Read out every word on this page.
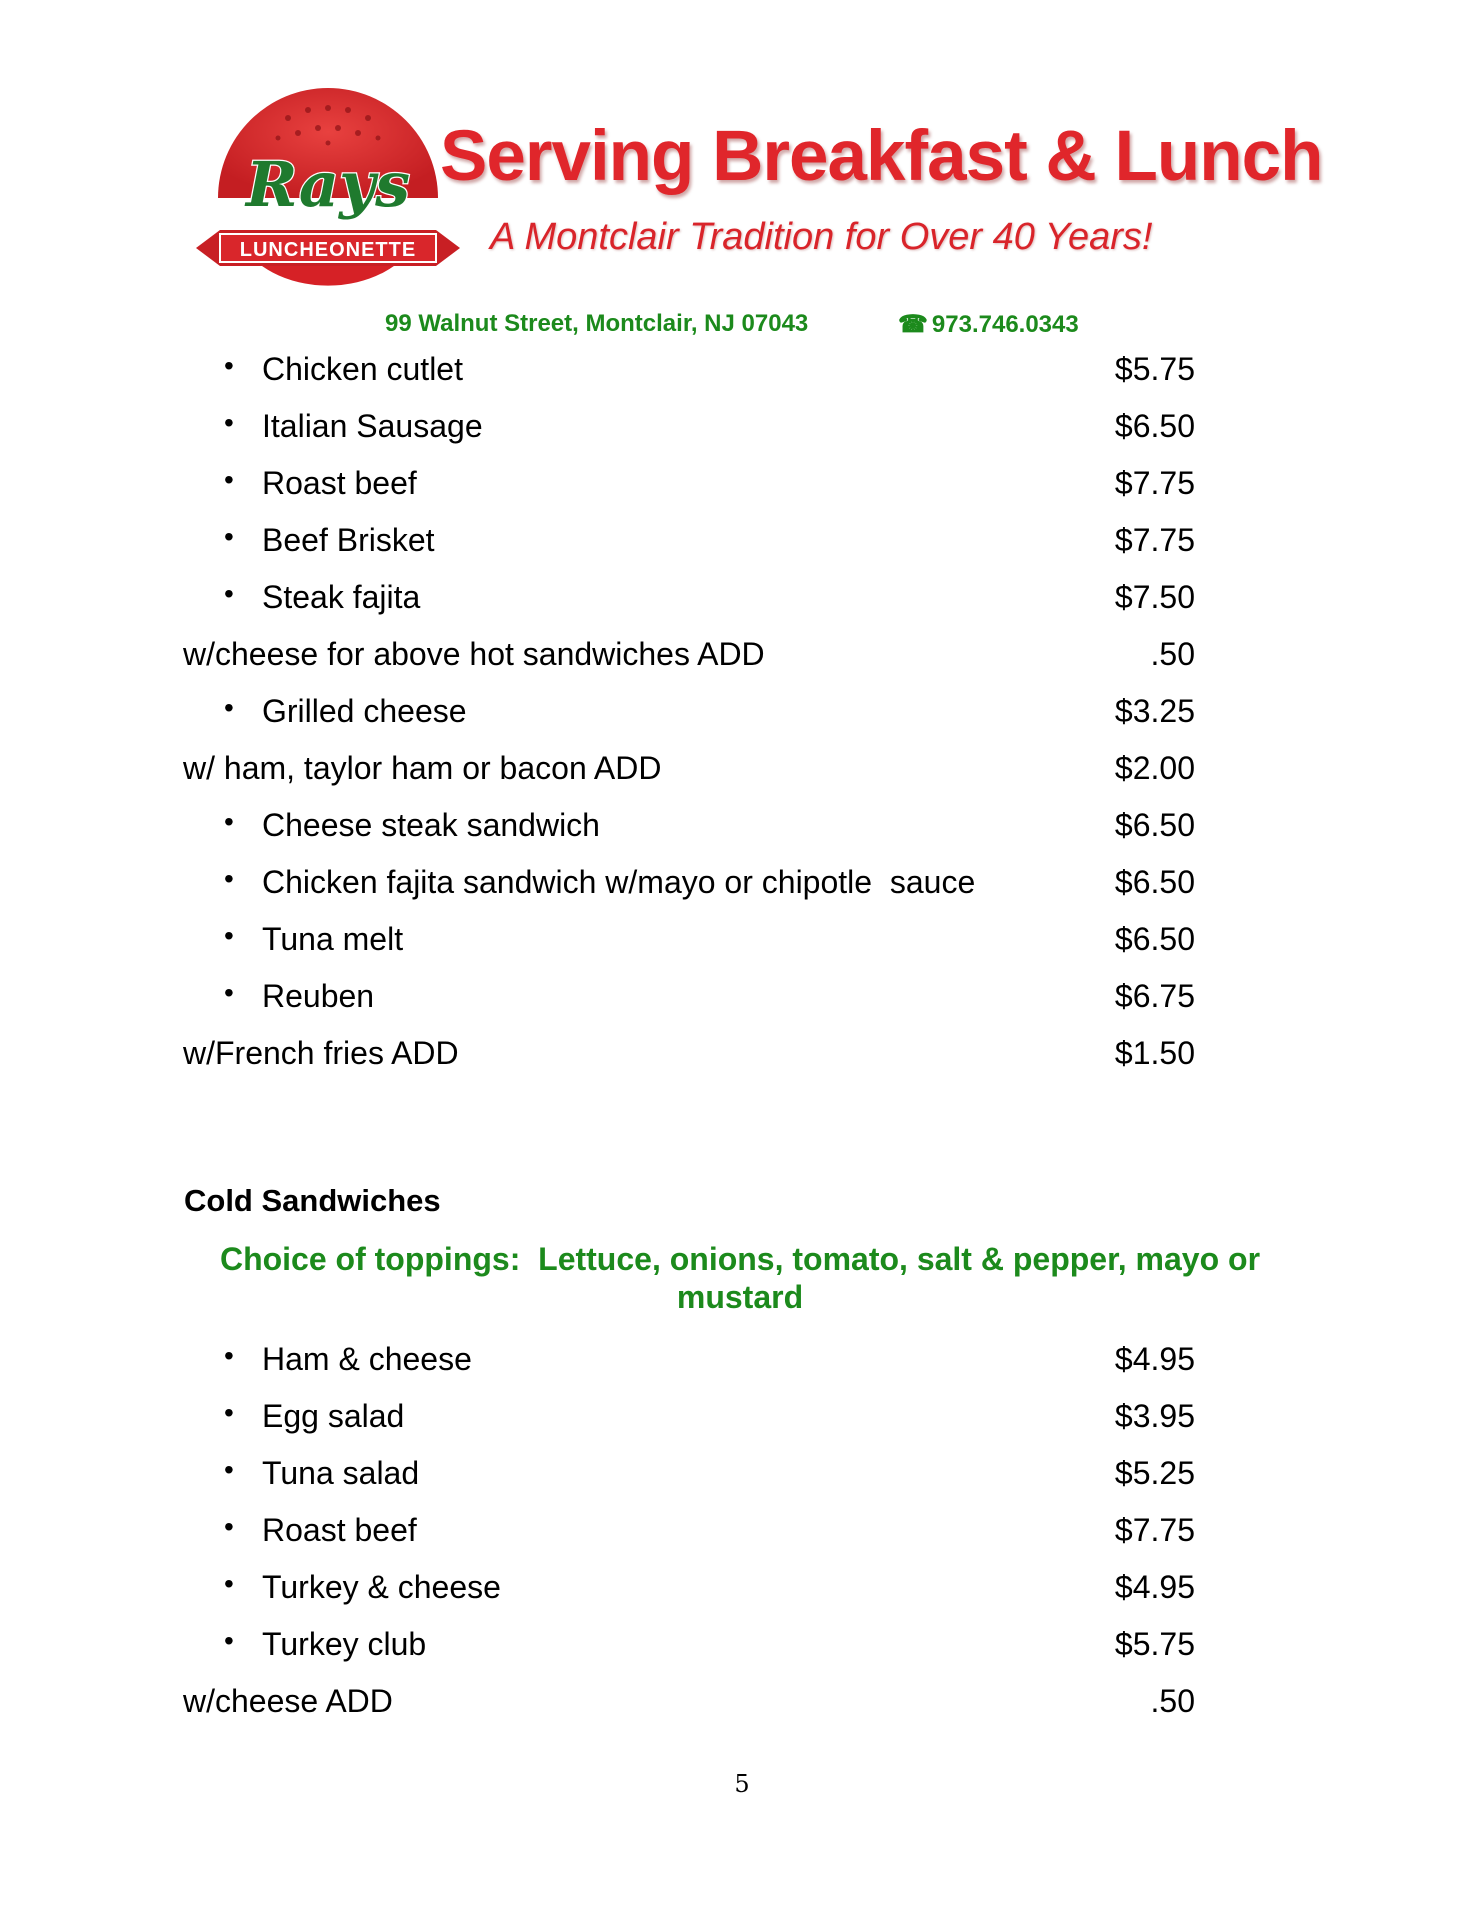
Rays
LUNCHEONETTE
Serving Breakfast & Lunch
A Montclair Tradition for Over 40 Years!
99 Walnut Street, Montclair, NJ 07043	☎ 973.746.0343
• Chicken cutlet	$5.75
• Italian Sausage	$6.50
• Roast beef	$7.75
• Beef Brisket	$7.75
• Steak fajita	$7.50
w/cheese for above hot sandwiches ADD	.50
• Grilled cheese	$3.25
w/ ham, taylor ham or bacon ADD	$2.00
• Cheese steak sandwich	$6.50
• Chicken fajita sandwich w/mayo or chipotle  sauce	$6.50
• Tuna melt	$6.50
• Reuben	$6.75
w/French fries ADD	$1.50
Cold Sandwiches
Choice of toppings:  Lettuce, onions, tomato, salt & pepper, mayo or
mustard
• Ham & cheese	$4.95
• Egg salad	$3.95
• Tuna salad	$5.25
• Roast beef	$7.75
• Turkey & cheese	$4.95
• Turkey club	$5.75
w/cheese ADD	.50
5
